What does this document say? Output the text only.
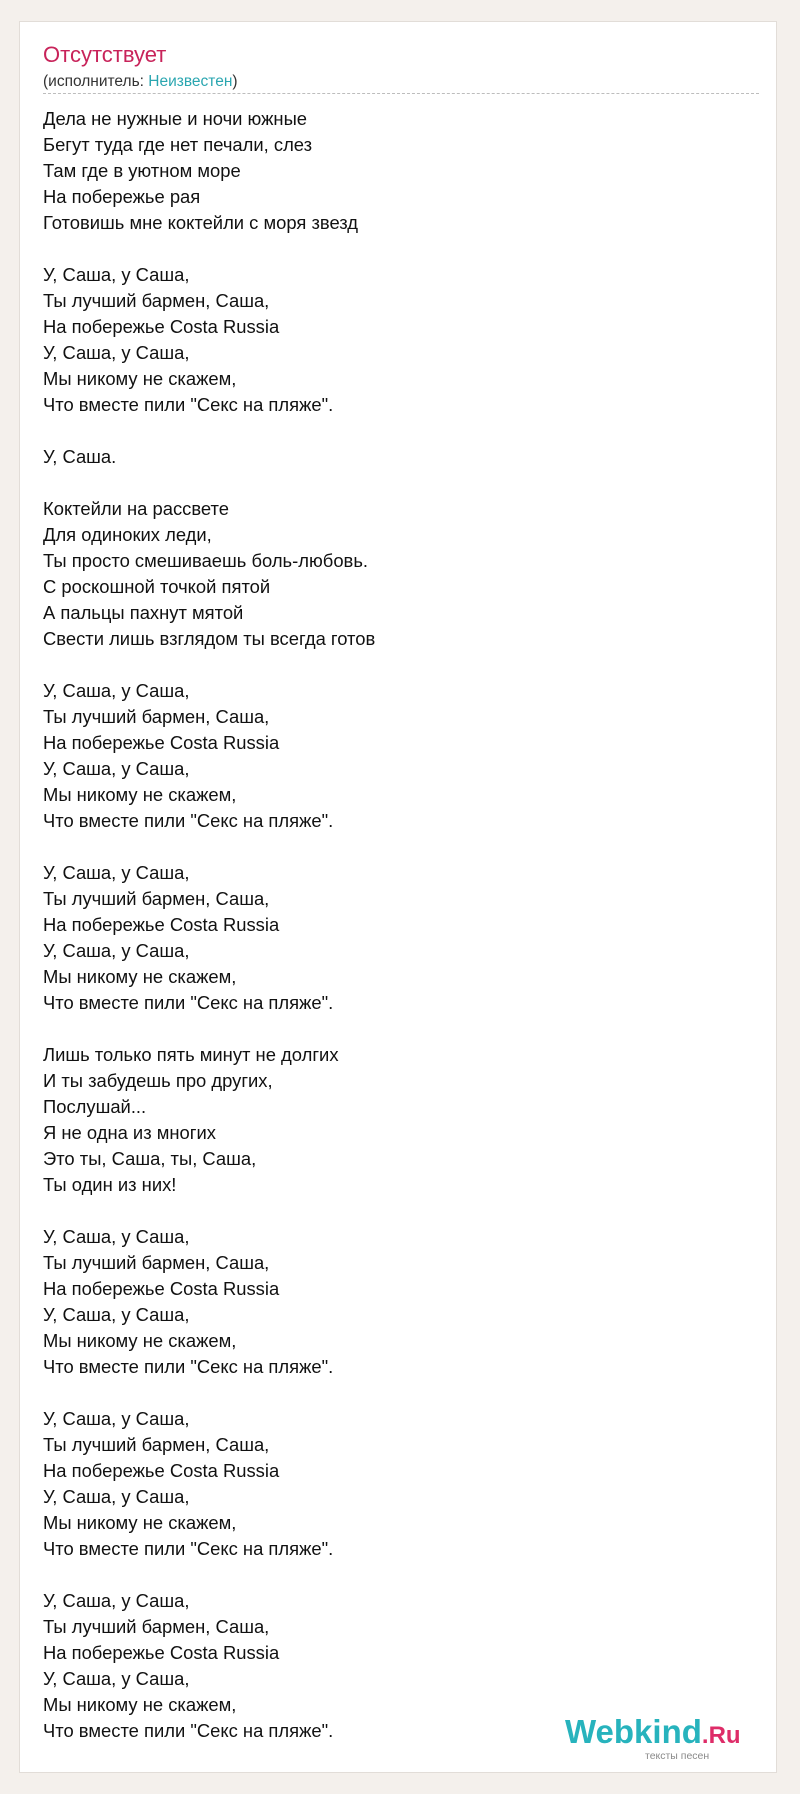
Отсутствует
(исполнитель: Неизвестен)
Дела не нужные и ночи южные
Бегут туда где нет печали, слез
Там где в уютном море
На побережье рая
Готовишь мне коктейли с моря звезд
У, Саша, у Саша,
Ты лучший бармен, Саша,
На побережье Costa Russia
У, Саша, у Саша,
Мы никому не скажем,
Что вместе пили "Секс на пляже".
У, Саша.
Коктейли на рассвете
Для одиноких леди,
Ты просто смешиваешь боль-любовь.
С роскошной точкой пятой
А пальцы пахнут мятой
Свести лишь взглядом ты всегда готов
У, Саша, у Саша,
Ты лучший бармен, Саша,
На побережье Costa Russia
У, Саша, у Саша,
Мы никому не скажем,
Что вместе пили "Секс на пляже".
У, Саша, у Саша,
Ты лучший бармен, Саша,
На побережье Costa Russia
У, Саша, у Саша,
Мы никому не скажем,
Что вместе пили "Секс на пляже".
Лишь только пять минут не долгих
И ты забудешь про других,
Послушай...
Я не одна из многих
Это ты, Саша, ты, Саша,
Ты один из них!
У, Саша, у Саша,
Ты лучший бармен, Саша,
На побережье Costa Russia
У, Саша, у Саша,
Мы никому не скажем,
Что вместе пили "Секс на пляже".
У, Саша, у Саша,
Ты лучший бармен, Саша,
На побережье Costa Russia
У, Саша, у Саша,
Мы никому не скажем,
Что вместе пили "Секс на пляже".
У, Саша, у Саша,
Ты лучший бармен, Саша,
На побережье Costa Russia
У, Саша, у Саша,
Мы никому не скажем,
Что вместе пили "Секс на пляже".	Webkind.Ru
тексты песен
